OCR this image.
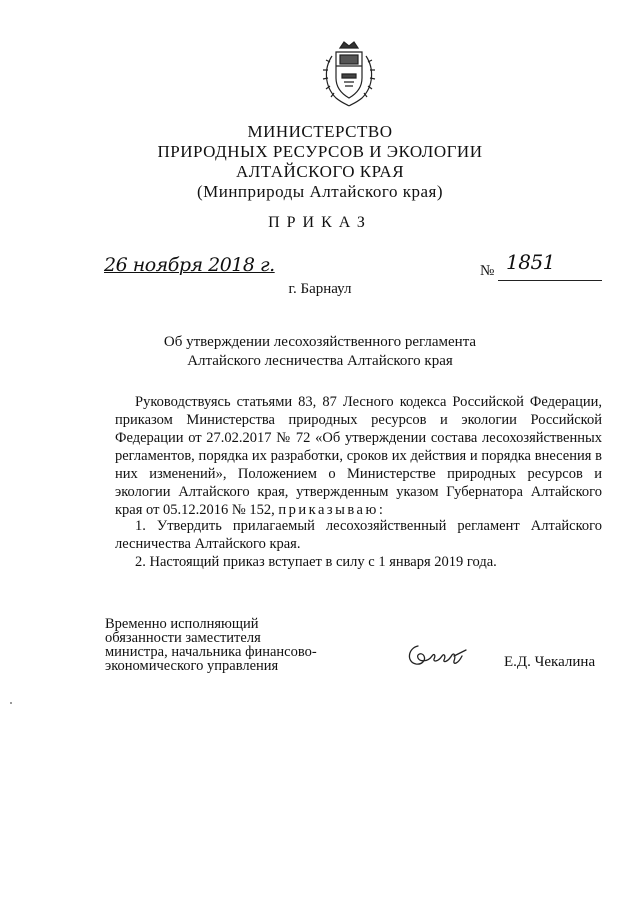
МИНИСТЕРСТВО
ПРИРОДНЫХ РЕСУРСОВ И ЭКОЛОГИИ
АЛТАЙСКОГО КРАЯ
(Минприроды Алтайского края)
ПРИКАЗ
26 ноября 2018 г.	№ 1851
г. Барнаул
Об утверждении лесохозяйственного регламента
Алтайского лесничества Алтайского края
Руководствуясь статьями 83, 87 Лесного кодекса Российской Федерации, приказом Министерства природных ресурсов и экологии Российской Федерации от 27.02.2017 № 72 «Об утверждении состава лесохозяйственных регламентов, порядка их разработки, сроков их действия и порядка внесения в них изменений», Положением о Министерстве природных ресурсов и экологии Алтайского края, утвержденным указом Губернатора Алтайского края от 05.12.2016 № 152, приказываю:
1. Утвердить прилагаемый лесохозяйственный регламент Алтайского лесничества Алтайского края.
2. Настоящий приказ вступает в силу с 1 января 2019 года.
Временно исполняющий
обязанности заместителя
министра, начальника финансово-
экономического управления	Е.Д. Чекалина
